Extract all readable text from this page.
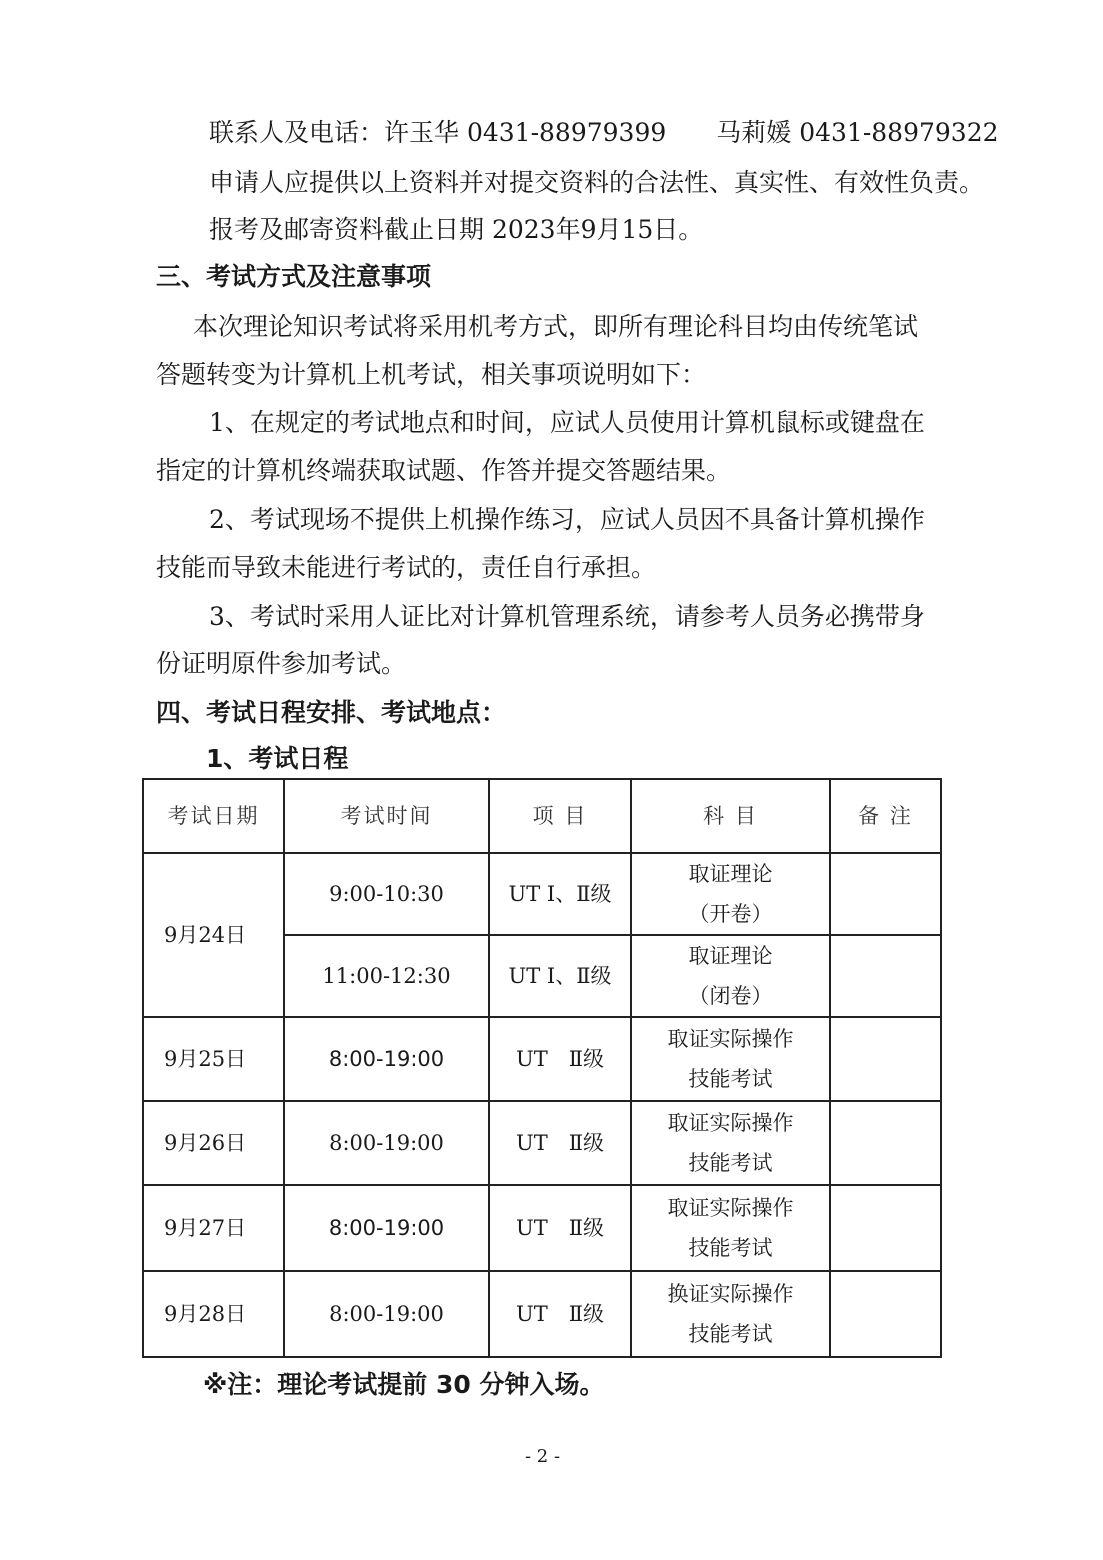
联系人及电话：许玉华 0431-88979399　　马莉媛 0431-88979322
申请人应提供以上资料并对提交资料的合法性、真实性、有效性负责。
报考及邮寄资料截止日期 2023年9月15日。
三、考试方式及注意事项
本次理论知识考试将采用机考方式，即所有理论科目均由传统笔试
答题转变为计算机上机考试，相关事项说明如下：
1、在规定的考试地点和时间，应试人员使用计算机鼠标或键盘在
指定的计算机终端获取试题、作答并提交答题结果。
2、考试现场不提供上机操作练习，应试人员因不具备计算机操作
技能而导致未能进行考试的，责任自行承担。
3、考试时采用人证比对计算机管理系统，请参考人员务必携带身
份证明原件参加考试。
四、考试日程安排、考试地点：
1、考试日程
考试日期	考试时间	项 目	科 目	备 注
9月24日	9:00-10:30	UT Ⅰ、Ⅱ级	取证理论
（开卷）	

	11:00-12:30	UT Ⅰ、Ⅱ级	取证理论
（闭卷）	

9月25日	8:00-19:00	UT　Ⅱ级	取证实际操作
技能考试	

9月26日	8:00-19:00	UT　Ⅱ级	取证实际操作
技能考试	

9月27日	8:00-19:00	UT　Ⅱ级	取证实际操作
技能考试	

9月28日	8:00-19:00	UT　Ⅱ级	换证实际操作
技能考试	

※注：理论考试提前 30 分钟入场。
- 2 -
